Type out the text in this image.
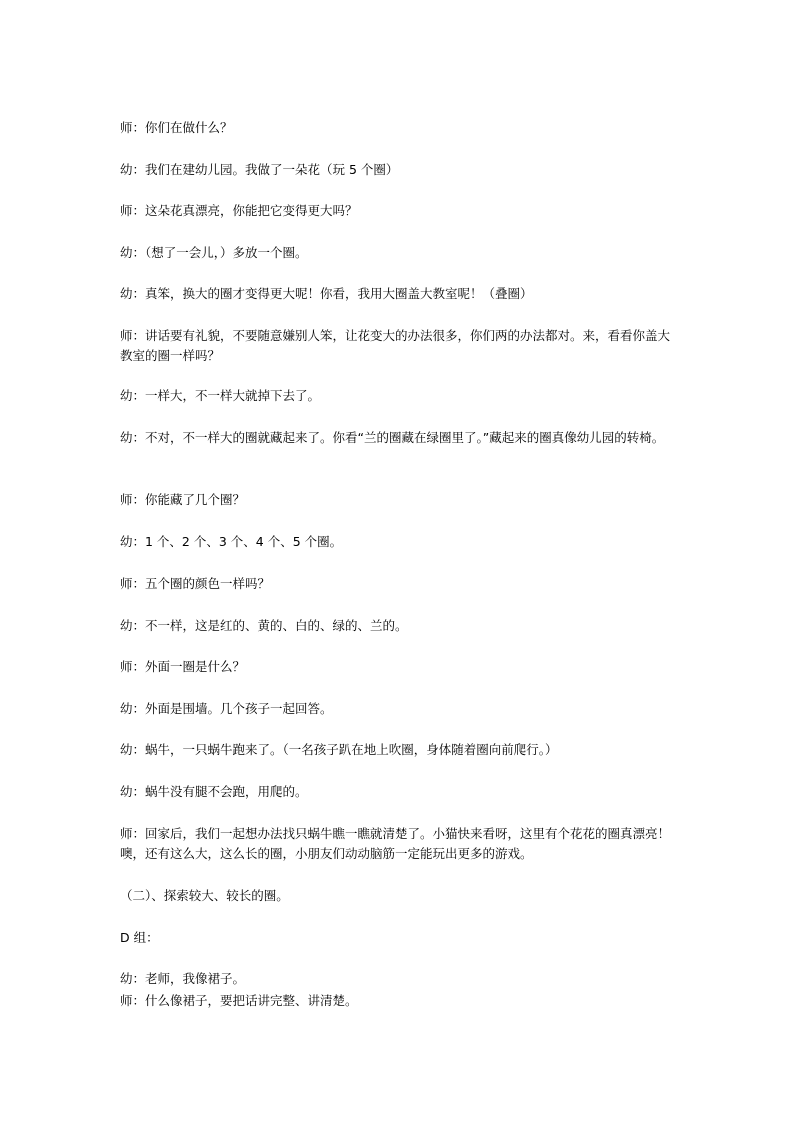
师：你们在做什么？
幼：我们在建幼儿园。我做了一朵花（玩 5 个圈）
师：这朵花真漂亮，你能把它变得更大吗？
幼：（想了一会儿，）多放一个圈。
幼：真笨，换大的圈才变得更大呢！你看，我用大圈盖大教室呢！（叠圈）
师：讲话要有礼貌，不要随意嫌别人笨，让花变大的办法很多，你们两的办法都对。来，看看你盖大教室的圈一样吗？
幼：一样大，不一样大就掉下去了。
幼：不对，不一样大的圈就藏起来了。你看“兰的圈藏在绿圈里了。”藏起来的圈真像幼儿园的转椅。
师：你能藏了几个圈？
幼：1 个、2 个、3 个、4 个、5 个圈。
师：五个圈的颜色一样吗？
幼：不一样，这是红的、黄的、白的、绿的、兰的。
师：外面一圈是什么？
幼：外面是围墙。几个孩子一起回答。
幼：蜗牛，一只蜗牛跑来了。（一名孩子趴在地上吹圈，身体随着圈向前爬行。）
幼：蜗牛没有腿不会跑，用爬的。
师：回家后，我们一起想办法找只蜗牛瞧一瞧就清楚了。小猫快来看呀，这里有个花花的圈真漂亮！噢，还有这么大，这么长的圈，小朋友们动动脑筋一定能玩出更多的游戏。
（二）、探索较大、较长的圈。
D 组：
幼：老师，我像裙子。
师：什么像裙子，要把话讲完整、讲清楚。
